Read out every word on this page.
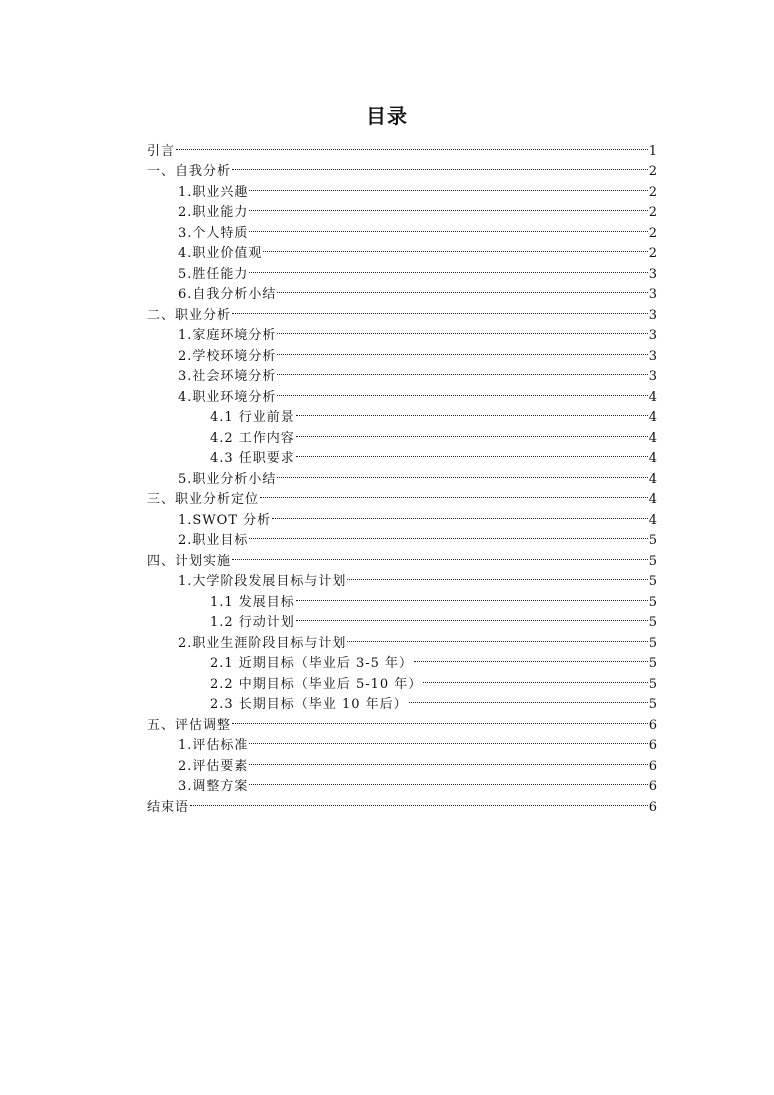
目录
引言	1
一、自我分析	2
1.职业兴趣	2
2.职业能力	2
3.个人特质	2
4.职业价值观	2
5.胜任能力	3
6.自我分析小结	3
二、职业分析	3
1.家庭环境分析	3
2.学校环境分析	3
3.社会环境分析	3
4.职业环境分析	4
4.1 行业前景	4
4.2 工作内容	4
4.3 任职要求	4
5.职业分析小结	4
三、职业分析定位	4
1.SWOT 分析	4
2.职业目标	5
四、计划实施	5
1.大学阶段发展目标与计划	5
1.1 发展目标	5
1.2 行动计划	5
2.职业生涯阶段目标与计划	5
2.1 近期目标（毕业后 3-5 年）	5
2.2 中期目标（毕业后 5-10 年）	5
2.3 长期目标（毕业 10 年后）	5
五、评估调整	6
1.评估标准	6
2.评估要素	6
3.调整方案	6
结束语	6
